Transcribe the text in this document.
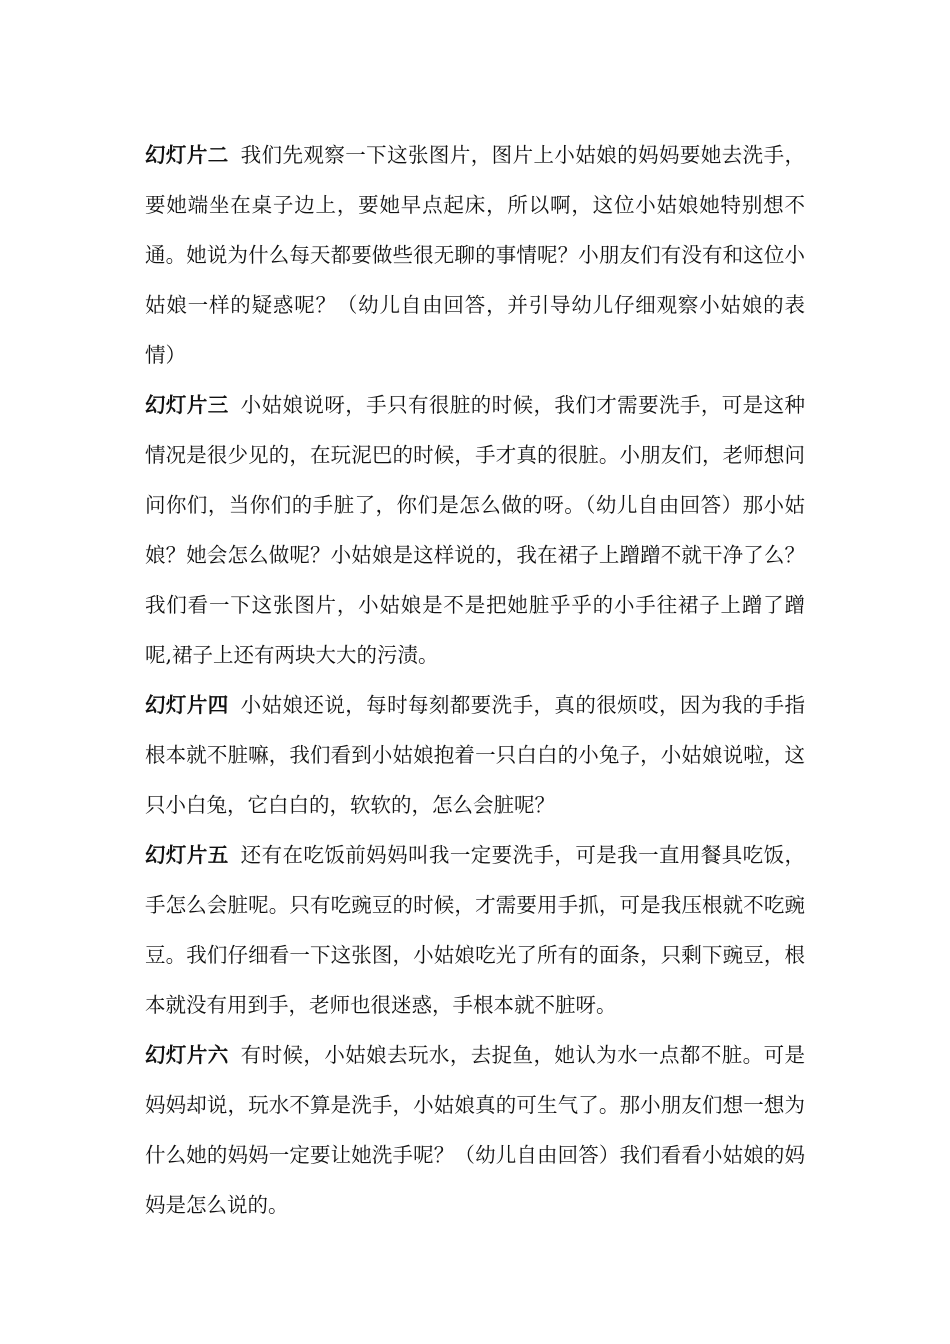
幻灯片二 我们先观察一下这张图片，图片上小姑娘的妈妈要她去洗手，要她端坐在桌子边上，要她早点起床，所以啊，这位小姑娘她特别想不通。她说为什么每天都要做些很无聊的事情呢？小朋友们有没有和这位小姑娘一样的疑惑呢？（幼儿自由回答，并引导幼儿仔细观察小姑娘的表情）

幻灯片三 小姑娘说呀，手只有很脏的时候，我们才需要洗手，可是这种情况是很少见的，在玩泥巴的时候，手才真的很脏。小朋友们，老师想问问你们，当你们的手脏了，你们是怎么做的呀。（幼儿自由回答）那小姑娘？她会怎么做呢？小姑娘是这样说的，我在裙子上蹭蹭不就干净了么？我们看一下这张图片，小姑娘是不是把她脏乎乎的小手往裙子上蹭了蹭呢,裙子上还有两块大大的污渍。

幻灯片四 小姑娘还说，每时每刻都要洗手，真的很烦哎，因为我的手指根本就不脏嘛，我们看到小姑娘抱着一只白白的小兔子，小姑娘说啦，这只小白兔，它白白的，软软的，怎么会脏呢？

幻灯片五 还有在吃饭前妈妈叫我一定要洗手，可是我一直用餐具吃饭，手怎么会脏呢。只有吃豌豆的时候，才需要用手抓，可是我压根就不吃豌豆。我们仔细看一下这张图，小姑娘吃光了所有的面条，只剩下豌豆，根本就没有用到手，老师也很迷惑，手根本就不脏呀。

幻灯片六 有时候，小姑娘去玩水，去捉鱼，她认为水一点都不脏。可是妈妈却说，玩水不算是洗手，小姑娘真的可生气了。那小朋友们想一想为什么她的妈妈一定要让她洗手呢？（幼儿自由回答）我们看看小姑娘的妈妈是怎么说的。
